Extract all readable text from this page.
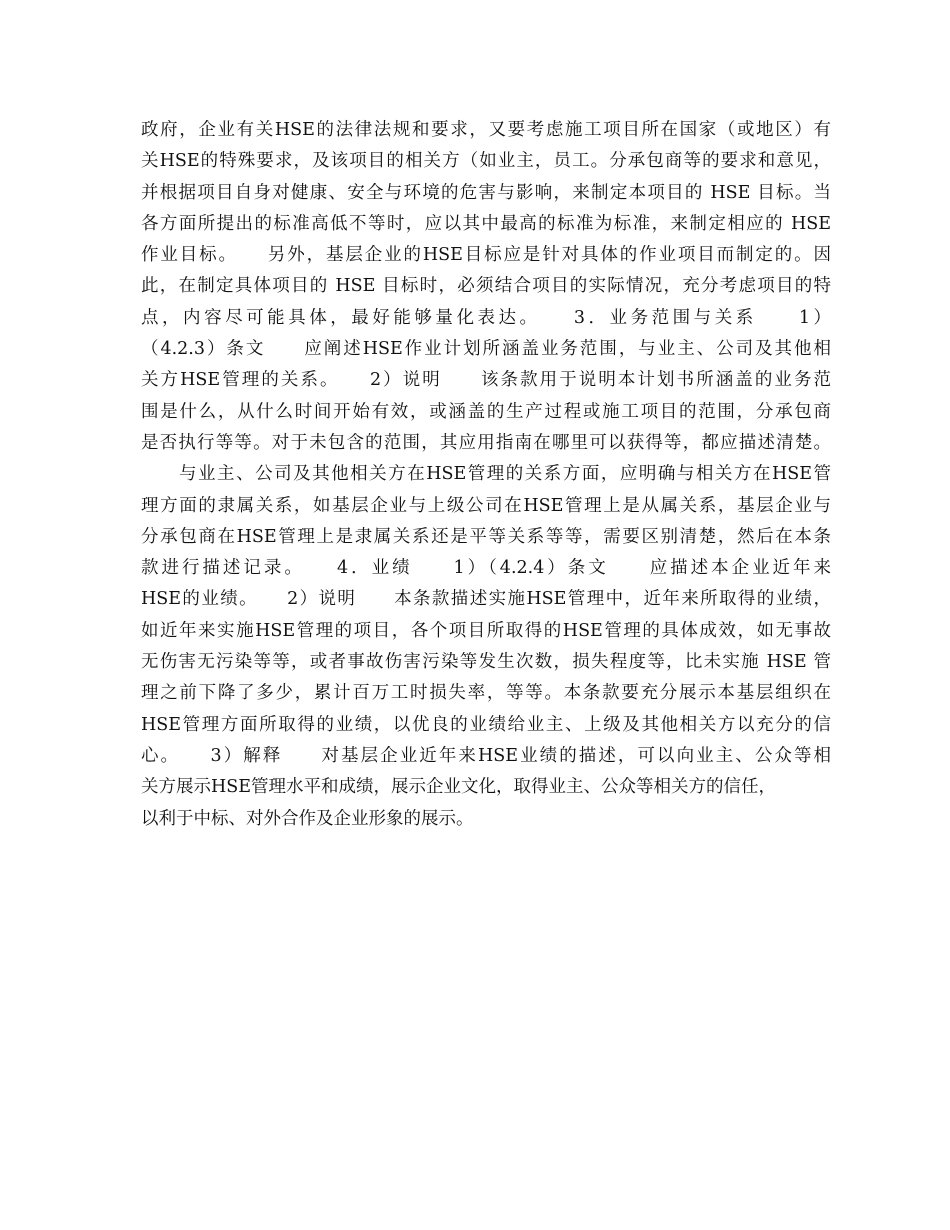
政府，企业有关HSE的法律法规和要求，又要考虑施工项目所在国家（或地区）有
关HSE的特殊要求，及该项目的相关方（如业主，员工。分承包商等的要求和意见，
并根据项目自身对健康、安全与环境的危害与影响，来制定本项目的 HSE 目标。当
各方面所提出的标准高低不等时，应以其中最高的标准为标准，来制定相应的 HSE
作业目标。　　另外，基层企业的HSE目标应是针对具体的作业项目而制定的。因
此，在制定具体项目的 HSE 目标时，必须结合项目的实际情况，充分考虑项目的特
点，内容尽可能具体，最好能够量化表达。　　3．业务范围与关系　　1）
（4.2.3）条文　　应阐述HSE作业计划所涵盖业务范围，与业主、公司及其他相
关方HSE管理的关系。　　2）说明　　该条款用于说明本计划书所涵盖的业务范
围是什么，从什么时间开始有效，或涵盖的生产过程或施工项目的范围，分承包商
是否执行等等。对于未包含的范围，其应用指南在哪里可以获得等，都应描述清楚。
　　与业主、公司及其他相关方在HSE管理的关系方面，应明确与相关方在HSE管
理方面的隶属关系，如基层企业与上级公司在HSE管理上是从属关系，基层企业与
分承包商在HSE管理上是隶属关系还是平等关系等等，需要区别清楚，然后在本条
款进行描述记录。　　4．业绩　　1）（4.2.4）条文　　应描述本企业近年来
HSE的业绩。　　2）说明　　本条款描述实施HSE管理中，近年来所取得的业绩，
如近年来实施HSE管理的项目，各个项目所取得的HSE管理的具体成效，如无事故
无伤害无污染等等，或者事故伤害污染等发生次数，损失程度等，比未实施 HSE 管
理之前下降了多少，累计百万工时损失率，等等。本条款要充分展示本基层组织在
HSE管理方面所取得的业绩，以优良的业绩给业主、上级及其他相关方以充分的信
心。　　3）解释　　对基层企业近年来HSE业绩的描述，可以向业主、公众等相
关方展示HSE管理水平和成绩，展示企业文化，取得业主、公众等相关方的信任，
以利于中标、对外合作及企业形象的展示。
